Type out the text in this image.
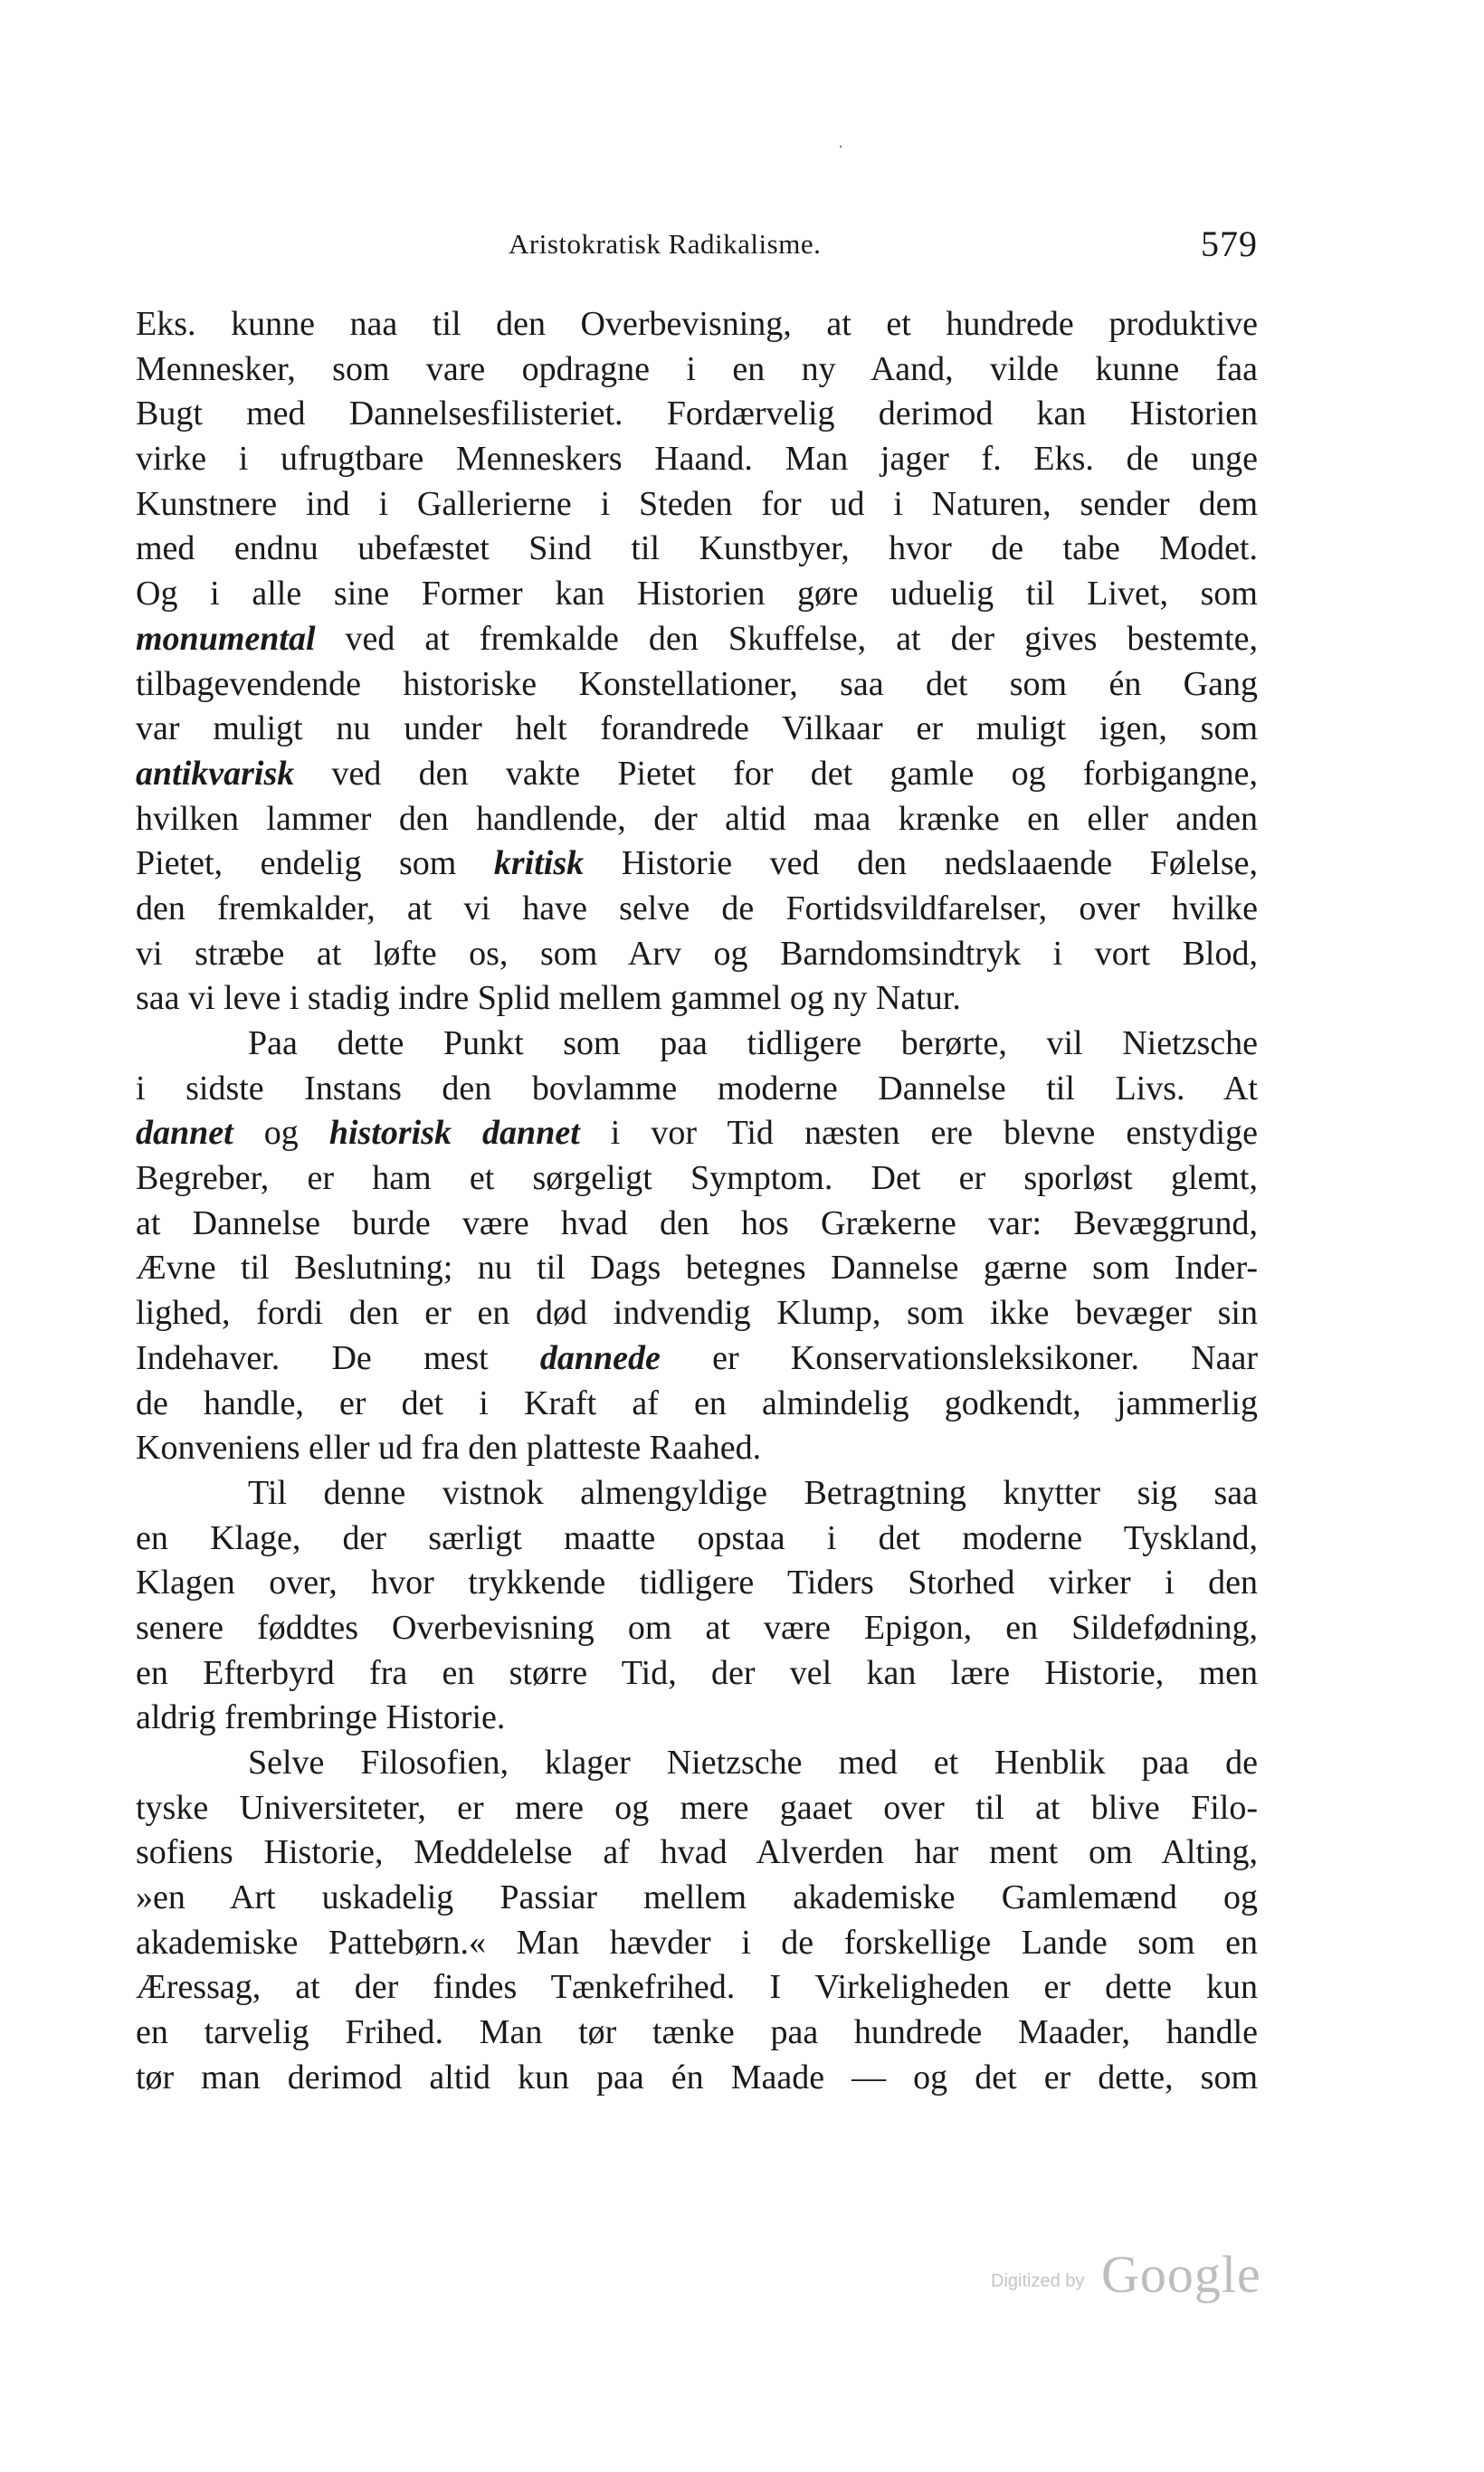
Aristokratisk Radikalisme.	579
Eks. kunne naa til den Overbevisning, at et hundrede produktive
Mennesker, som vare opdragne i en ny Aand, vilde kunne faa
Bugt med Dannelsesfilisteriet. Fordærvelig derimod kan Historien
virke i ufrugtbare Menneskers Haand. Man jager f. Eks. de unge
Kunstnere ind i Gallerierne i Steden for ud i Naturen, sender dem
med endnu ubefæstet Sind til Kunstbyer, hvor de tabe Modet.
Og i alle sine Former kan Historien gøre uduelig til Livet, som
monumental ved at fremkalde den Skuffelse, at der gives bestemte,
tilbagevendende historiske Konstellationer, saa det som én Gang
var muligt nu under helt forandrede Vilkaar er muligt igen, som
antikvarisk ved den vakte Pietet for det gamle og forbigangne,
hvilken lammer den handlende, der altid maa krænke en eller anden
Pietet, endelig som kritisk Historie ved den nedslaaende Følelse,
den fremkalder, at vi have selve de Fortidsvildfarelser, over hvilke
vi stræbe at løfte os, som Arv og Barndomsindtryk i vort Blod,
saa vi leve i stadig indre Splid mellem gammel og ny Natur.
Paa dette Punkt som paa tidligere berørte, vil Nietzsche
i sidste Instans den bovlamme moderne Dannelse til Livs. At
dannet og historisk dannet i vor Tid næsten ere blevne enstydige
Begreber, er ham et sørgeligt Symptom. Det er sporløst glemt,
at Dannelse burde være hvad den hos Grækerne var: Bevæggrund,
Ævne til Beslutning; nu til Dags betegnes Dannelse gærne som Inder-
lighed, fordi den er en død indvendig Klump, som ikke bevæger sin
Indehaver. De mest dannede er Konservationsleksikoner. Naar
de handle, er det i Kraft af en almindelig godkendt, jammerlig
Konveniens eller ud fra den platteste Raahed.
Til denne vistnok almengyldige Betragtning knytter sig saa
en Klage, der særligt maatte opstaa i det moderne Tyskland,
Klagen over, hvor trykkende tidligere Tiders Storhed virker i den
senere føddtes Overbevisning om at være Epigon, en Sildefødning,
en Efterbyrd fra en større Tid, der vel kan lære Historie, men
aldrig frembringe Historie.
Selve Filosofien, klager Nietzsche med et Henblik paa de
tyske Universiteter, er mere og mere gaaet over til at blive Filo-
sofiens Historie, Meddelelse af hvad Alverden har ment om Alting,
»en Art uskadelig Passiar mellem akademiske Gamlemænd og
akademiske Pattebørn.« Man hævder i de forskellige Lande som en
Æressag, at der findes Tænkefrihed. I Virkeligheden er dette kun
en tarvelig Frihed. Man tør tænke paa hundrede Maader, handle
tør man derimod altid kun paa én Maade — og det er dette, som
Digitized by Google
